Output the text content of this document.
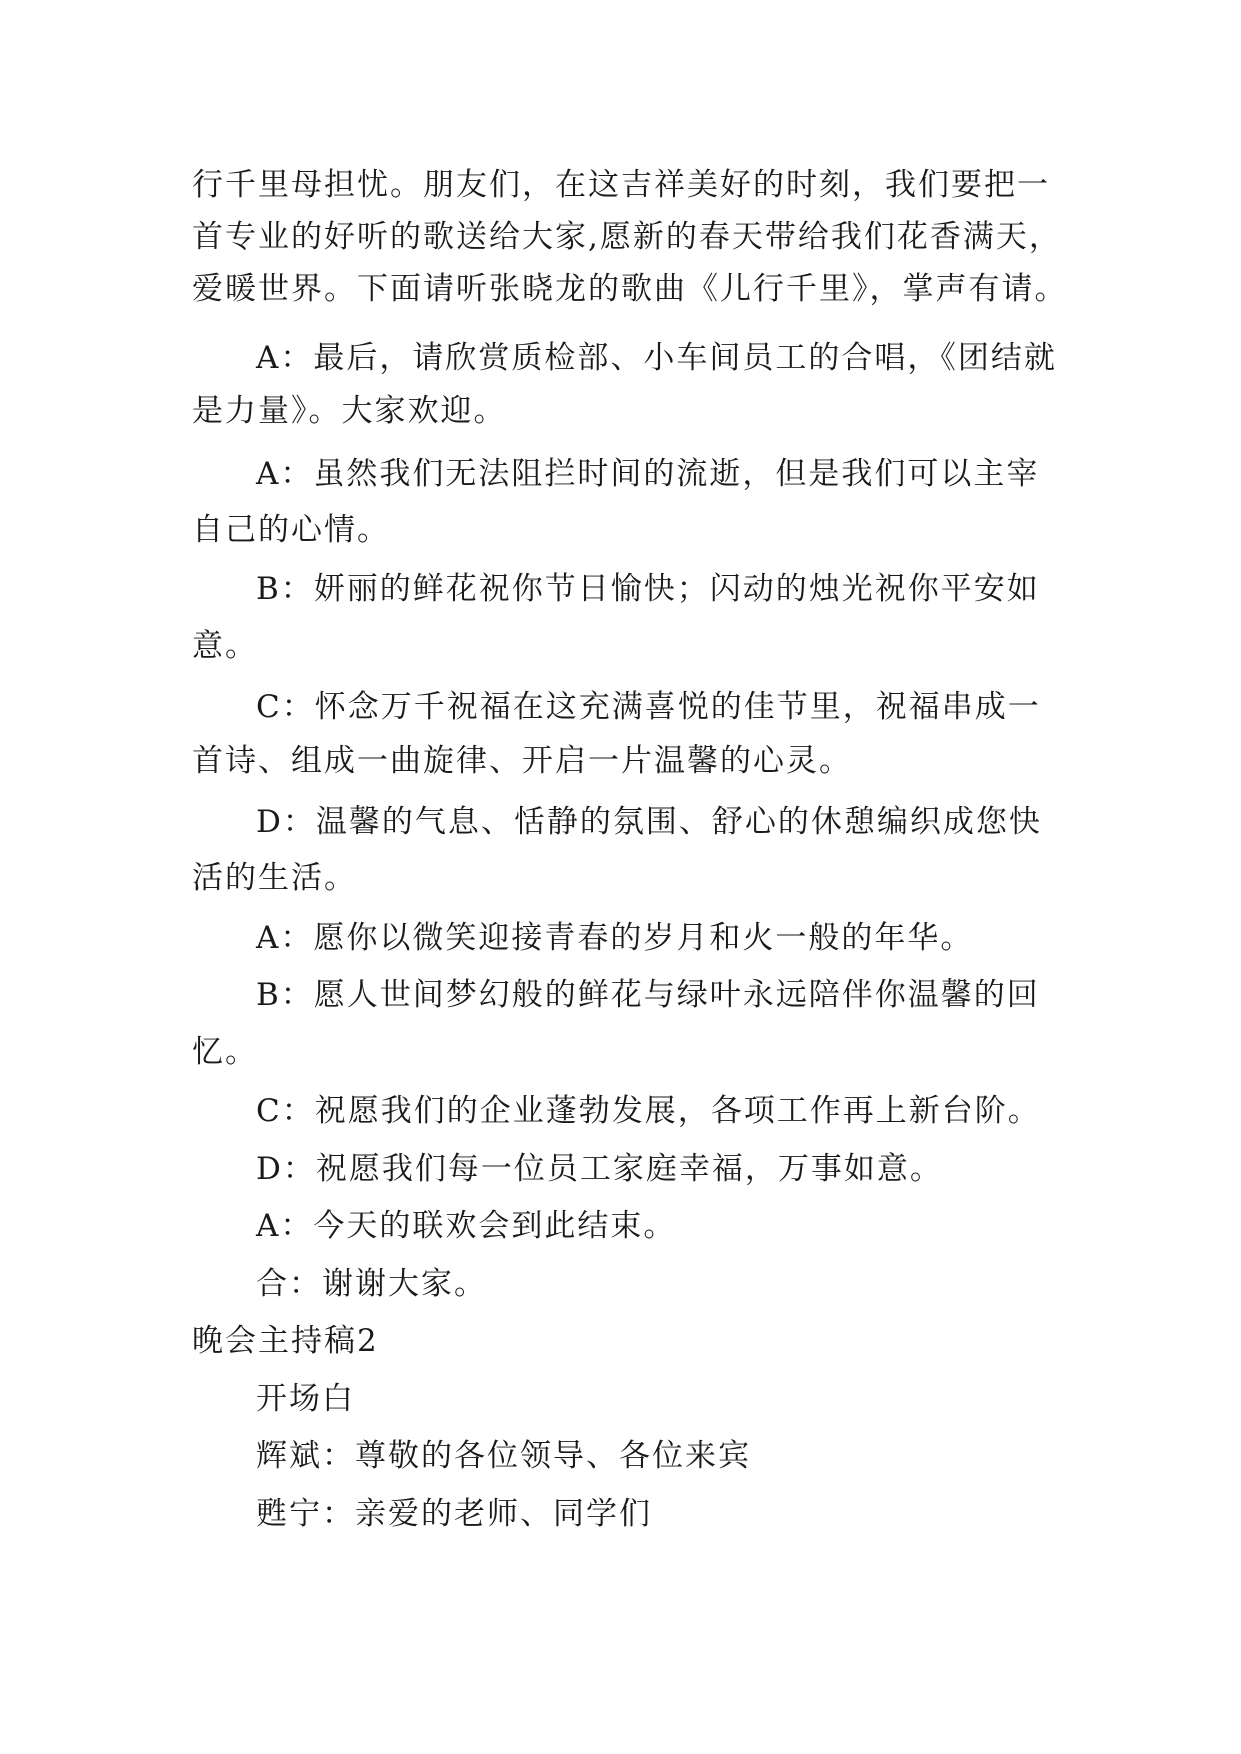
行千里母担忧。朋友们，在这吉祥美好的时刻，我们要把一
首专业的好听的歌送给大家,愿新的春天带给我们花香满天，
爱暖世界。下面请听张晓龙的歌曲《儿行千里》，掌声有请。
A：最后，请欣赏质检部、小车间员工的合唱，《团结就
是力量》。大家欢迎。
A：虽然我们无法阻拦时间的流逝，但是我们可以主宰
自己的心情。
B：妍丽的鲜花祝你节日愉快；闪动的烛光祝你平安如
意。
C：怀念万千祝福在这充满喜悦的佳节里，祝福串成一
首诗、组成一曲旋律、开启一片温馨的心灵。
D：温馨的气息、恬静的氛围、舒心的休憩编织成您快
活的生活。
A：愿你以微笑迎接青春的岁月和火一般的年华。
B：愿人世间梦幻般的鲜花与绿叶永远陪伴你温馨的回
忆。
C：祝愿我们的企业蓬勃发展，各项工作再上新台阶。
D：祝愿我们每一位员工家庭幸福，万事如意。
A：今天的联欢会到此结束。
合：谢谢大家。
晚会主持稿2
开场白
辉斌：尊敬的各位领导、各位来宾
甦宁：亲爱的老师、同学们
